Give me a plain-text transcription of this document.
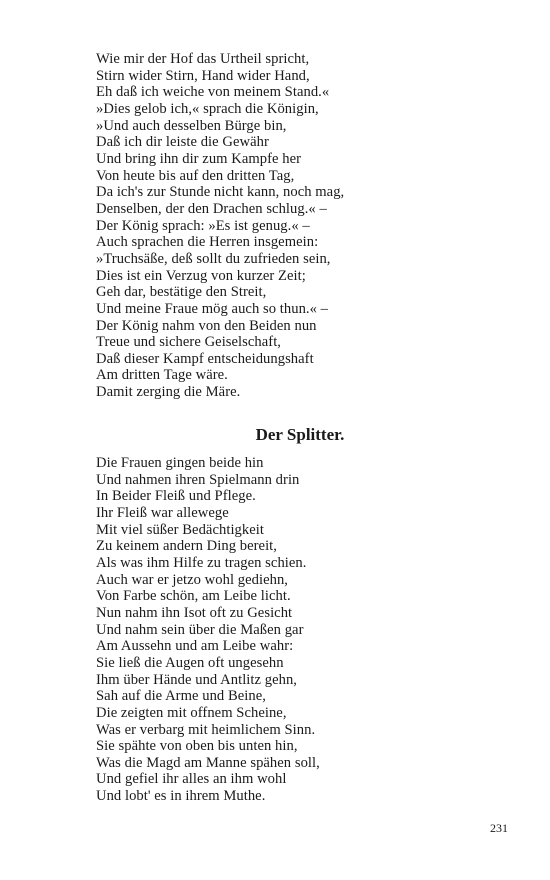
Wie mir der Hof das Urtheil spricht,
Stirn wider Stirn, Hand wider Hand,
Eh daß ich weiche von meinem Stand.«
»Dies gelob ich,« sprach die Königin,
»Und auch desselben Bürge bin,
Daß ich dir leiste die Gewähr
Und bring ihn dir zum Kampfe her
Von heute bis auf den dritten Tag,
Da ich's zur Stunde nicht kann, noch mag,
Denselben, der den Drachen schlug.« –
Der König sprach: »Es ist genug.« –
Auch sprachen die Herren insgemein:
»Truchsäße, deß sollt du zufrieden sein,
Dies ist ein Verzug von kurzer Zeit;
Geh dar, bestätige den Streit,
Und meine Fraue mög auch so thun.« –
Der König nahm von den Beiden nun
Treue und sichere Geiselschaft,
Daß dieser Kampf entscheidungshaft
Am dritten Tage wäre.
Damit zerging die Märe.
Der Splitter.
Die Frauen gingen beide hin
Und nahmen ihren Spielmann drin
In Beider Fleiß und Pflege.
Ihr Fleiß war allewege
Mit viel süßer Bedächtigkeit
Zu keinem andern Ding bereit,
Als was ihm Hilfe zu tragen schien.
Auch war er jetzo wohl gediehn,
Von Farbe schön, am Leibe licht.
Nun nahm ihn Isot oft zu Gesicht
Und nahm sein über die Maßen gar
Am Aussehn und am Leibe wahr:
Sie ließ die Augen oft ungesehn
Ihm über Hände und Antlitz gehn,
Sah auf die Arme und Beine,
Die zeigten mit offnem Scheine,
Was er verbarg mit heimlichem Sinn.
Sie spähte von oben bis unten hin,
Was die Magd am Manne spähen soll,
Und gefiel ihr alles an ihm wohl
Und lobt' es in ihrem Muthe.
231
